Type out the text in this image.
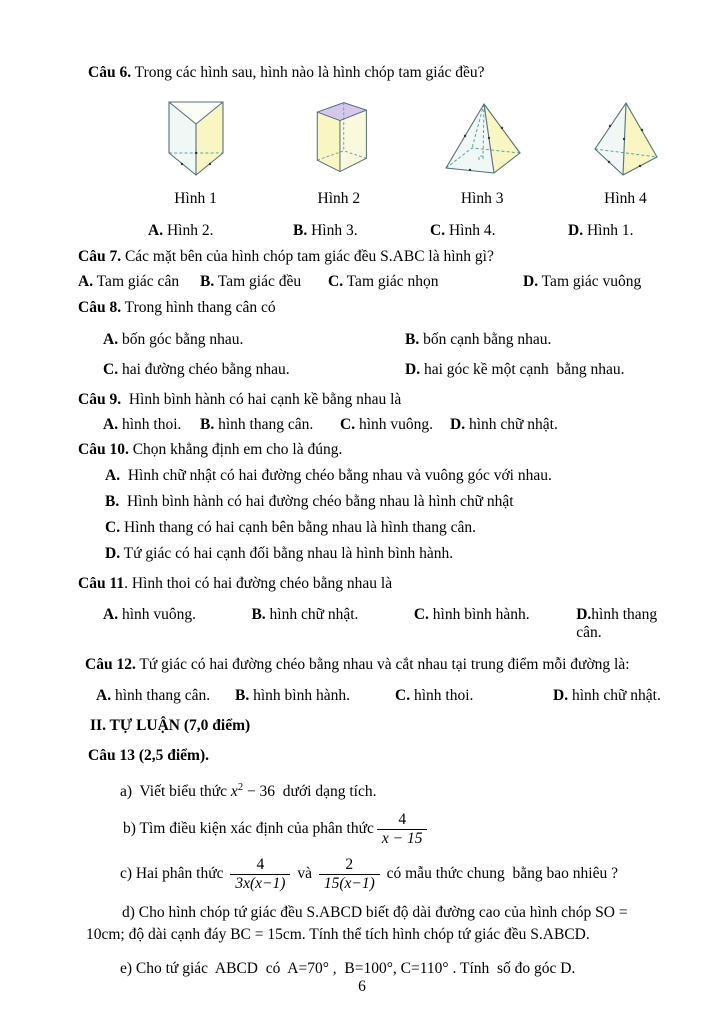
Câu 6. Trong các hình sau, hình nào là hình chóp tam giác đều?

Hình 1	Hình 2	Hình 3	Hình 4
A. Hình 2.	B. Hình 3.	C. Hình 4.	D. Hình 1.

Câu 7. Các mặt bên của hình chóp tam giác đều S.ABC là hình gì?

A. Tam giác cân	B. Tam giác đều	C. Tam giác nhọn	D. Tam giác vuông

Câu 8. Trong hình thang cân có

A. bốn góc bằng nhau.	B. bốn cạnh bằng nhau.
C. hai đường chéo bằng nhau.	D. hai góc kề một cạnh  bằng nhau.

Câu 9.  Hình bình hành có hai cạnh kề bằng nhau là

A. hình thoi.	B. hình thang cân.	C. hình vuông.	D. hình chữ nhật.

Câu 10. Chọn khẳng định em cho là đúng.

A.  Hình chữ nhật có hai đường chéo bằng nhau và vuông góc với nhau.

B.  Hình bình hành có hai đường chéo bằng nhau là hình chữ nhật

C. Hình thang có hai cạnh bên bằng nhau là hình thang cân.

D. Tứ giác có hai cạnh đối bằng nhau là hình bình hành.

Câu 11. Hình thoi có hai đường chéo bằng nhau là

A. hình vuông.	B. hình chữ nhật.	C. hình bình hành.	D.hình thang cân.

Câu 12. Tứ giác có hai đường chéo bằng nhau và cắt nhau tại trung điểm mỗi đường là:

A. hình thang cân.	B. hình bình hành.	C. hình thoi.	D. hình chữ nhật.

II. TỰ LUẬN (7,0 điểm)

Câu 13 (2,5 điểm).

a)  Viết biểu thức $x^2 - 36$  dưới dạng tích.

b) Tìm điều kiện xác định của phân thức $\frac{4}{x - 15}$

c) Hai phân thức $\frac{4}{3x(x-1)}$ và $\frac{2}{15(x-1)}$ có mẫu thức chung  bằng bao nhiêu ?

d) Cho hình chóp tứ giác đều S.ABCD biết độ dài đường cao của hình chóp SO =

10cm; độ dài cạnh đáy BC = 15cm. Tính thể tích hình chóp tứ giác đều S.ABCD.

e) Cho tứ giác  ABCD  có  A=70° ,  B=100°, C=110° . Tính  số đo góc D.

6
